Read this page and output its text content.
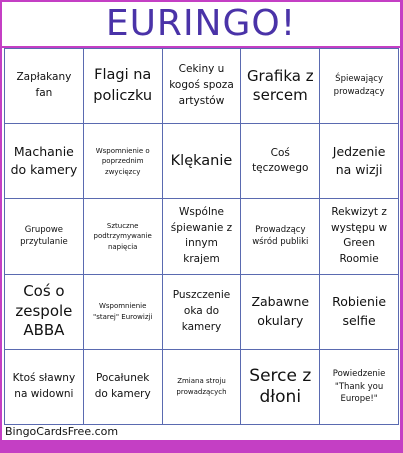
EURINGO!
Zapłakany fan
Flagi na policzku
Cekiny u kogoś spoza artystów
Grafika z sercem
Śpiewający prowadzący
Machanie do kamery
Wspomnienie o poprzednim zwycięzcy
Klękanie
Coś tęczowego
Jedzenie na wizji
Grupowe przytulanie
Sztuczne podtrzymywanie napięcia
Wspólne śpiewanie z innym krajem
Prowadzący wśród publiki
Rekwizyt z występu w Green Roomie
Coś o zespole ABBA
Wspomnienie "starej" Eurowizji
Puszczenie oka do kamery
Zabawne okulary
Robienie selfie
Ktoś sławny na widowni
Pocałunek do kamery
Zmiana stroju prowadzących
Serce z dłoni
Powiedzenie "Thank you Europe!"
BingoCardsFree.com
